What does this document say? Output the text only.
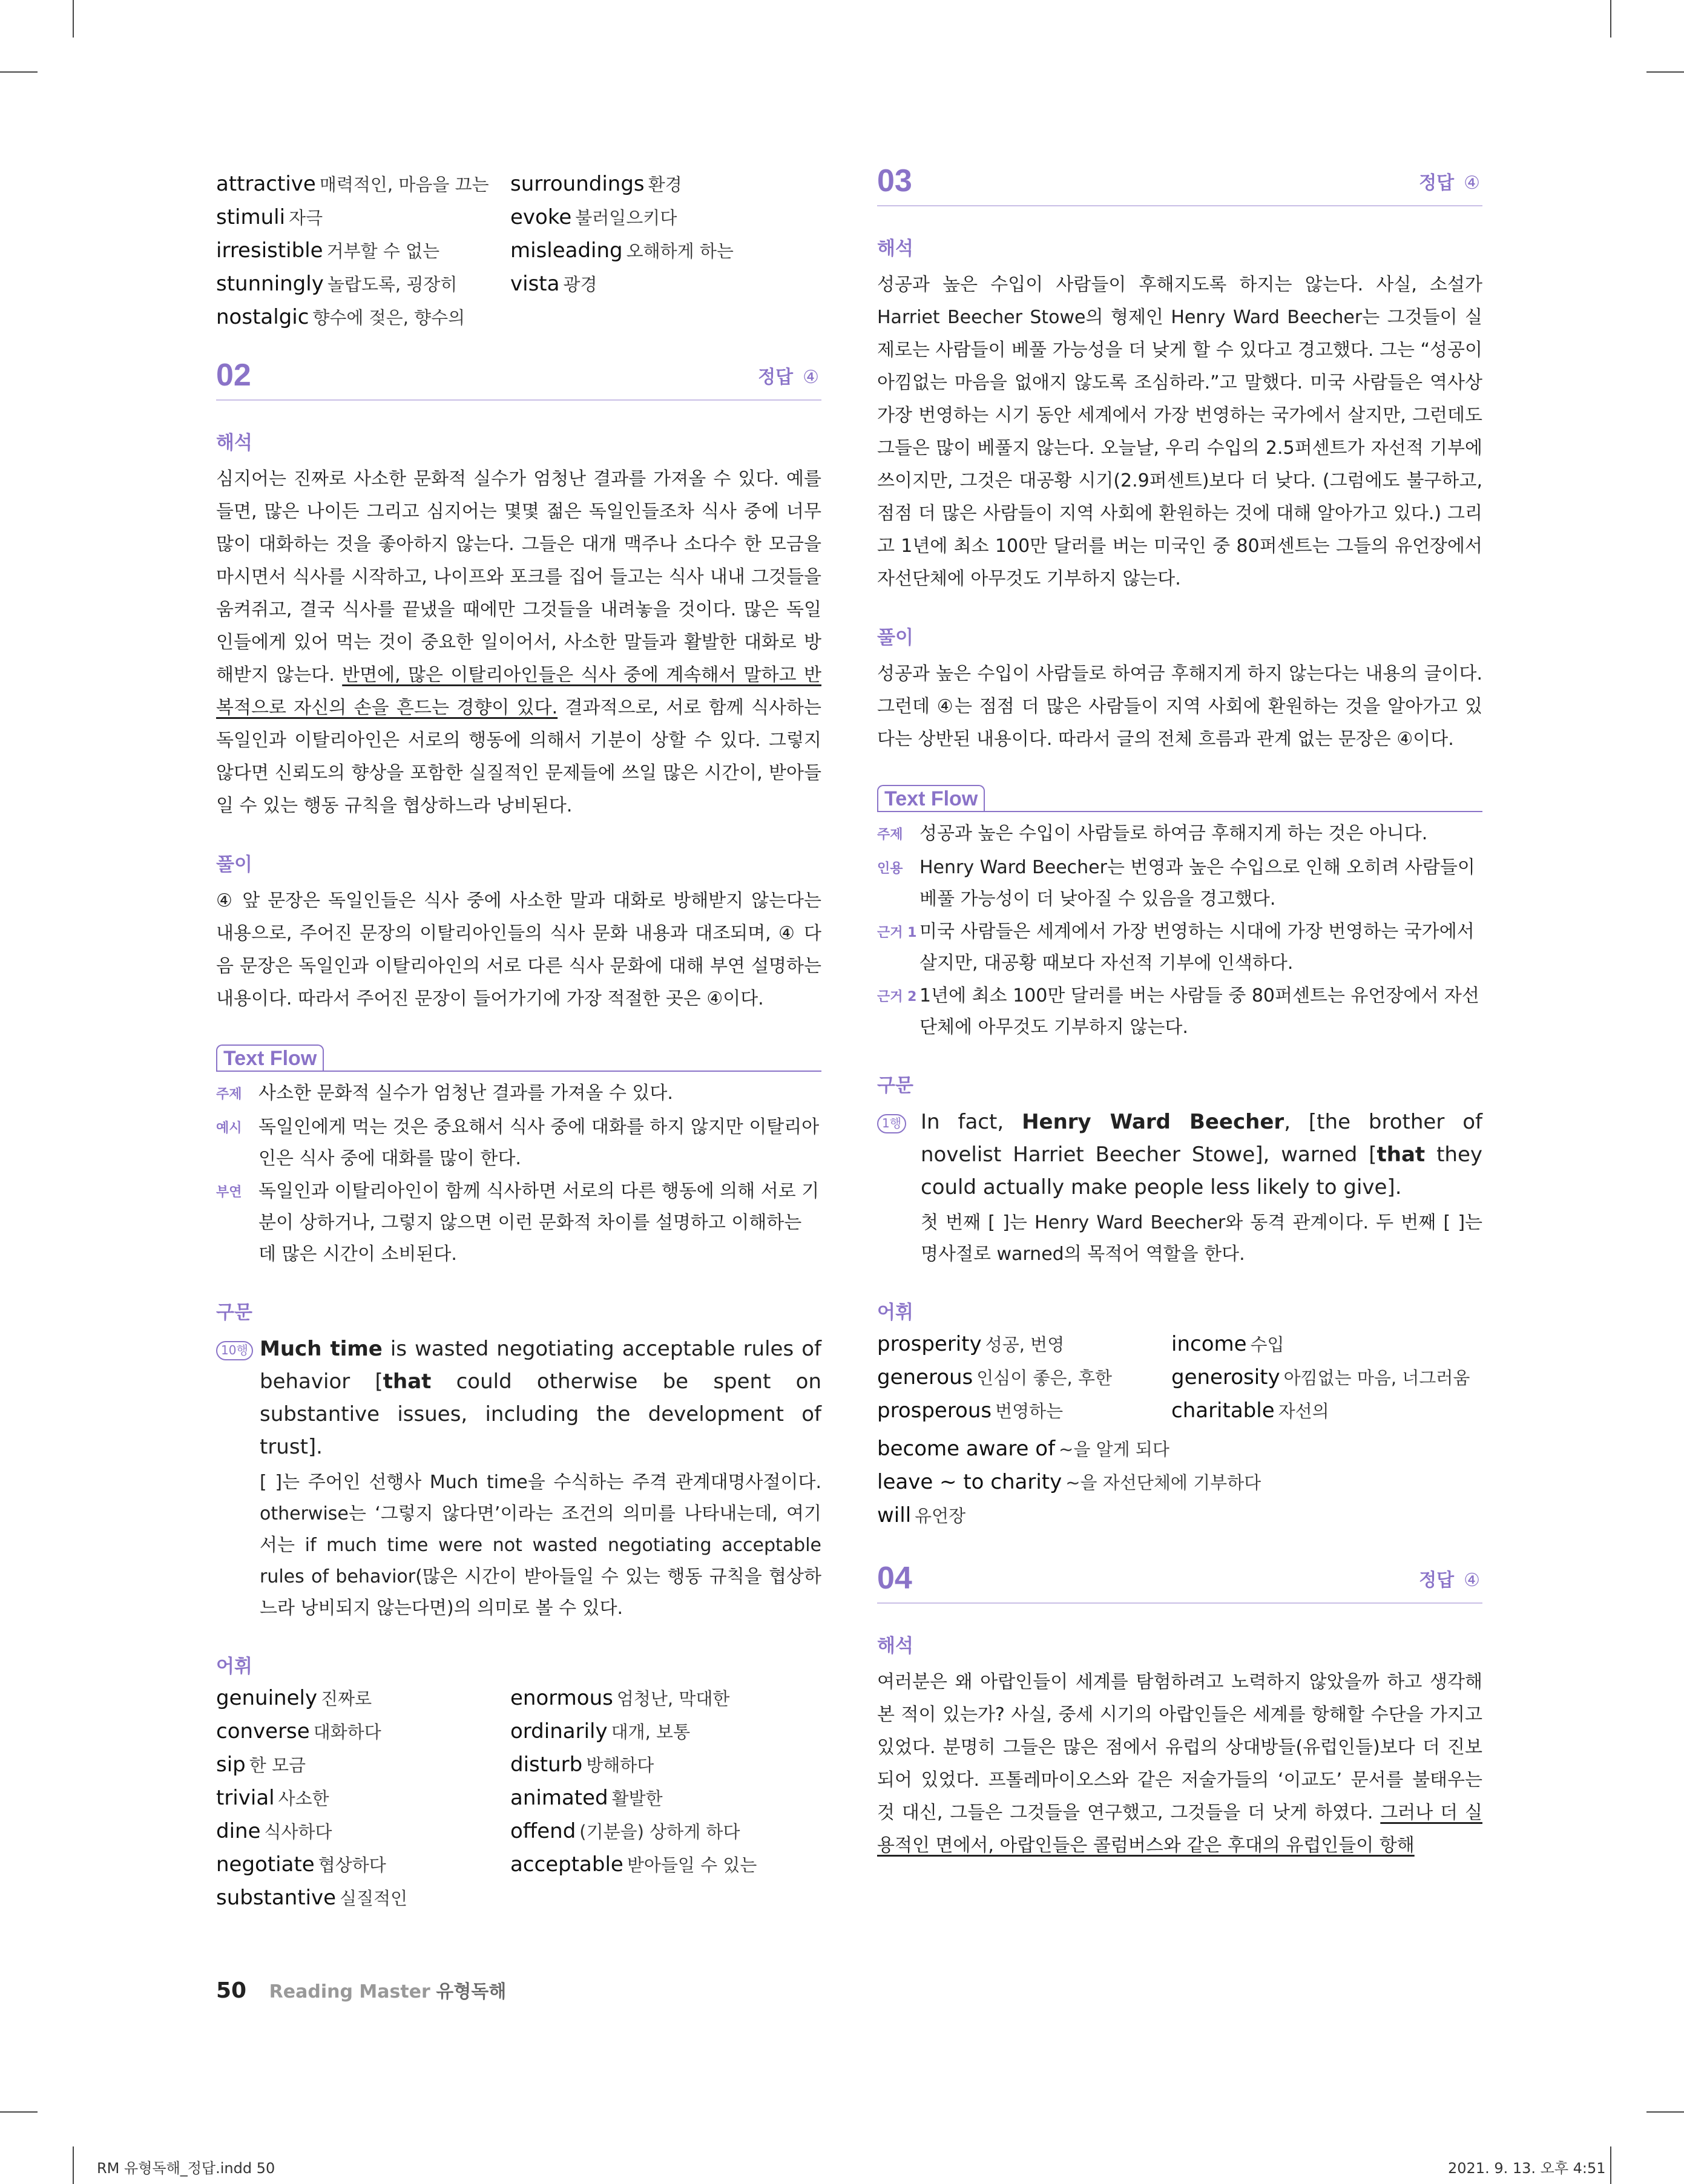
attractive 매력적인, 마음을 끄는	surroundings 환경
stimuli 자극	evoke 불러일으키다
irresistible 거부할 수 없는	misleading 오해하게 하는
stunningly 놀랍도록, 굉장히	vista 광경
nostalgic 향수에 젖은, 향수의
02	정답 ④
해석

심지어는 진짜로 사소한 문화적 실수가 엄청난 결과를 가져올 수 있다. 예를 들면, 많은 나이든 그리고 심지어는 몇몇 젊은 독일인들조차 식사 중에 너무 많이 대화하는 것을 좋아하지 않는다. 그들은 대개 맥주나 소다수 한 모금을 마시면서 식사를 시작하고, 나이프와 포크를 집어 들고는 식사 내내 그것들을 움켜쥐고, 결국 식사를 끝냈을 때에만 그것들을 내려놓을 것이다. 많은 독일인들에게 있어 먹는 것이 중요한 일이어서, 사소한 말들과 활발한 대화로 방해받지 않는다. 반면에, 많은 이탈리아인들은 식사 중에 계속해서 말하고 반복적으로 자신의 손을 흔드는 경향이 있다. 결과적으로, 서로 함께 식사하는 독일인과 이탈리아인은 서로의 행동에 의해서 기분이 상할 수 있다. 그렇지 않다면 신뢰도의 향상을 포함한 실질적인 문제들에 쓰일 많은 시간이, 받아들일 수 있는 행동 규칙을 협상하느라 낭비된다.

풀이

④ 앞 문장은 독일인들은 식사 중에 사소한 말과 대화로 방해받지 않는다는 내용으로, 주어진 문장의 이탈리아인들의 식사 문화 내용과 대조되며, ④ 다음 문장은 독일인과 이탈리아인의 서로 다른 식사 문화에 대해 부연 설명하는 내용이다. 따라서 주어진 문장이 들어가기에 가장 적절한 곳은 ④이다.

Text Flow
주제 사소한 문화적 실수가 엄청난 결과를 가져올 수 있다.
예시 독일인에게 먹는 것은 중요해서 식사 중에 대화를 하지 않지만 이탈리아인은 식사 중에 대화를 많이 한다.
부연 독일인과 이탈리아인이 함께 식사하면 서로의 다른 행동에 의해 서로 기분이 상하거나, 그렇지 않으면 이런 문화적 차이를 설명하고 이해하는 데 많은 시간이 소비된다.
구문
10행 Much time is wasted negotiating acceptable rules of behavior [that could otherwise be spent on substantive issues, including the development of trust].

[ ]는 주어인 선행사 Much time을 수식하는 주격 관계대명사절이다. otherwise는 ‘그렇지 않다면’이라는 조건의 의미를 나타내는데, 여기서는 if much time were not wasted negotiating acceptable rules of behavior(많은 시간이 받아들일 수 있는 행동 규칙을 협상하느라 낭비되지 않는다면)의 의미로 볼 수 있다.

어휘
genuinely 진짜로	enormous 엄청난, 막대한
converse 대화하다	ordinarily 대개, 보통
sip 한 모금	disturb 방해하다
trivial 사소한	animated 활발한
dine 식사하다	offend (기분을) 상하게 하다
negotiate 협상하다	acceptable 받아들일 수 있는
substantive 실질적인
03	정답 ④
해석

성공과 높은 수입이 사람들이 후해지도록 하지는 않는다. 사실, 소설가 Harriet Beecher Stowe의 형제인 Henry Ward Beecher는 그것들이 실제로는 사람들이 베풀 가능성을 더 낮게 할 수 있다고 경고했다. 그는 “성공이 아낌없는 마음을 없애지 않도록 조심하라.”고 말했다. 미국 사람들은 역사상 가장 번영하는 시기 동안 세계에서 가장 번영하는 국가에서 살지만, 그런데도 그들은 많이 베풀지 않는다. 오늘날, 우리 수입의 2.5퍼센트가 자선적 기부에 쓰이지만, 그것은 대공황 시기(2.9퍼센트)보다 더 낮다. (그럼에도 불구하고, 점점 더 많은 사람들이 지역 사회에 환원하는 것에 대해 알아가고 있다.) 그리고 1년에 최소 100만 달러를 버는 미국인 중 80퍼센트는 그들의 유언장에서 자선단체에 아무것도 기부하지 않는다.

풀이

성공과 높은 수입이 사람들로 하여금 후해지게 하지 않는다는 내용의 글이다. 그런데 ④는 점점 더 많은 사람들이 지역 사회에 환원하는 것을 알아가고 있다는 상반된 내용이다. 따라서 글의 전체 흐름과 관계 없는 문장은 ④이다.

Text Flow
주제 성공과 높은 수입이 사람들로 하여금 후해지게 하는 것은 아니다.
인용 Henry Ward Beecher는 번영과 높은 수입으로 인해 오히려 사람들이 베풀 가능성이 더 낮아질 수 있음을 경고했다.
근거 1 미국 사람들은 세계에서 가장 번영하는 시대에 가장 번영하는 국가에서 살지만, 대공황 때보다 자선적 기부에 인색하다.
근거 2 1년에 최소 100만 달러를 버는 사람들 중 80퍼센트는 유언장에서 자선 단체에 아무것도 기부하지 않는다.
구문
1행 In fact, Henry Ward Beecher, [the brother of novelist Harriet Beecher Stowe], warned [that they could actually make people less likely to give].

첫 번째 [ ]는 Henry Ward Beecher와 동격 관계이다. 두 번째 [ ]는 명사절로 warned의 목적어 역할을 한다.

어휘
prosperity 성공, 번영	income 수입
generous 인심이 좋은, 후한	generosity 아낌없는 마음, 너그러움
prosperous 번영하는	charitable 자선의
become aware of ~을 알게 되다
leave ~ to charity ~을 자선단체에 기부하다
will 유언장
04	정답 ④
해석

여러분은 왜 아랍인들이 세계를 탐험하려고 노력하지 않았을까 하고 생각해 본 적이 있는가? 사실, 중세 시기의 아랍인들은 세계를 항해할 수단을 가지고 있었다. 분명히 그들은 많은 점에서 유럽의 상대방들(유럽인들)보다 더 진보되어 있었다. 프톨레마이오스와 같은 저술가들의 ‘이교도’ 문서를 불태우는 것 대신, 그들은 그것들을 연구했고, 그것들을 더 낫게 하였다. 그러나 더 실용적인 면에서, 아랍인들은 콜럼버스와 같은 후대의 유럽인들이 항해

50 Reading Master 유형독해
RM 유형독해_정답.indd 50	2021. 9. 13. 오후 4:51
